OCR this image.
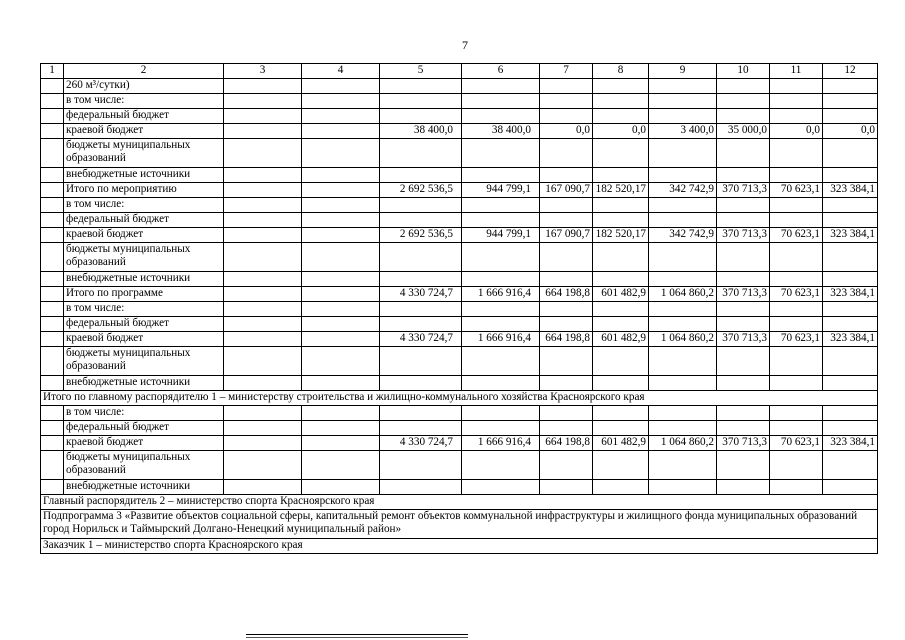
7
1	2	3	4	5	6	7	8	9	10	11	12
	260 м³/сутки)										
	в том числе:										
	федеральный бюджет										
	краевой бюджет			38 400,0	38 400,0	0,0	0,0	3 400,0	35 000,0	0,0	0,0
	бюджеты муниципальных образований										
	внебюджетные источники										
	Итого по мероприятию			2 692 536,5	944 799,1	167 090,7	182 520,17	342 742,9	370 713,3	70 623,1	323 384,1
	в том числе:										
	федеральный бюджет										
	краевой бюджет			2 692 536,5	944 799,1	167 090,7	182 520,17	342 742,9	370 713,3	70 623,1	323 384,1
	бюджеты муниципальных образований										
	внебюджетные источники										
	Итого по программе			4 330 724,7	1 666 916,4	664 198,8	601 482,9	1 064 860,2	370 713,3	70 623,1	323 384,1
	в том числе:										
	федеральный бюджет										
	краевой бюджет			4 330 724,7	1 666 916,4	664 198,8	601 482,9	1 064 860,2	370 713,3	70 623,1	323 384,1
	бюджеты муниципальных образований										
	внебюджетные источники										
Итого по главному распорядителю 1 – министерству строительства и жилищно-коммунального хозяйства Красноярского края											
	в том числе:										
	федеральный бюджет										
	краевой бюджет			4 330 724,7	1 666 916,4	664 198,8	601 482,9	1 064 860,2	370 713,3	70 623,1	323 384,1
	бюджеты муниципальных образований										
	внебюджетные источники										
Главный распорядитель 2 – министерство спорта Красноярского края											
Подпрограмма 3 «Развитие объектов социальной сферы, капитальный ремонт объектов коммунальной инфраструктуры и жилищного фонда муниципальных образований город Норильск и Таймырский Долгано-Ненецкий муниципальный район»											
Заказчик 1 – министерство спорта Красноярского края											
